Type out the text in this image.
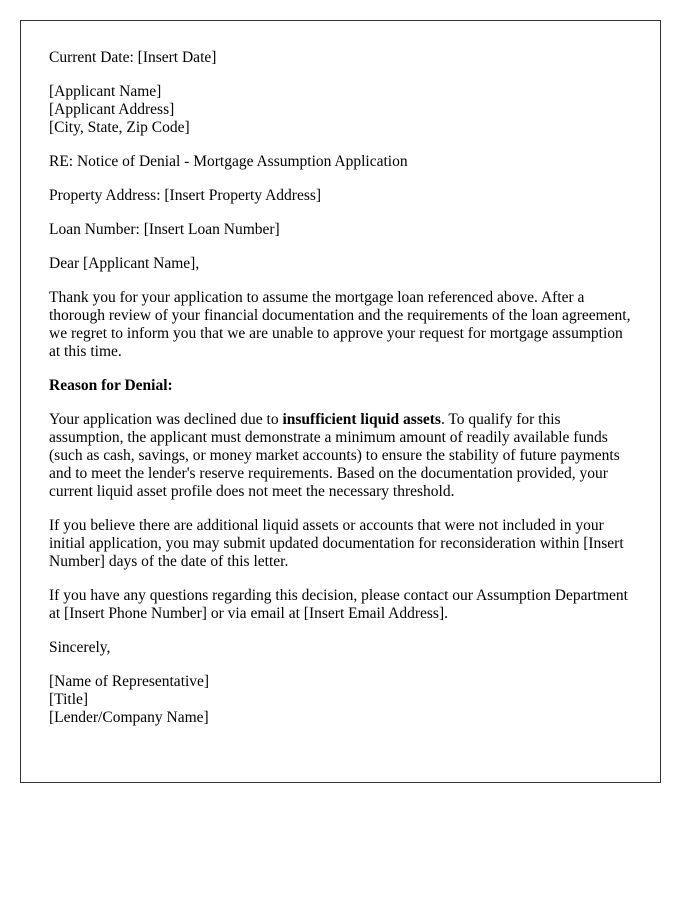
Current Date: [Insert Date]

[Applicant Name]
[Applicant Address]
[City, State, Zip Code]

RE: Notice of Denial - Mortgage Assumption Application

Property Address: [Insert Property Address]

Loan Number: [Insert Loan Number]

Dear [Applicant Name],

Thank you for your application to assume the mortgage loan referenced above. After a thorough review of your financial documentation and the requirements of the loan agreement, we regret to inform you that we are unable to approve your request for mortgage assumption at this time.

Reason for Denial:

Your application was declined due to insufficient liquid assets. To qualify for this assumption, the applicant must demonstrate a minimum amount of readily available funds (such as cash, savings, or money market accounts) to ensure the stability of future payments and to meet the lender's reserve requirements. Based on the documentation provided, your current liquid asset profile does not meet the necessary threshold.

If you believe there are additional liquid assets or accounts that were not included in your initial application, you may submit updated documentation for reconsideration within [Insert Number] days of the date of this letter.

If you have any questions regarding this decision, please contact our Assumption Department at [Insert Phone Number] or via email at [Insert Email Address].

Sincerely,

[Name of Representative]
[Title]
[Lender/Company Name]
